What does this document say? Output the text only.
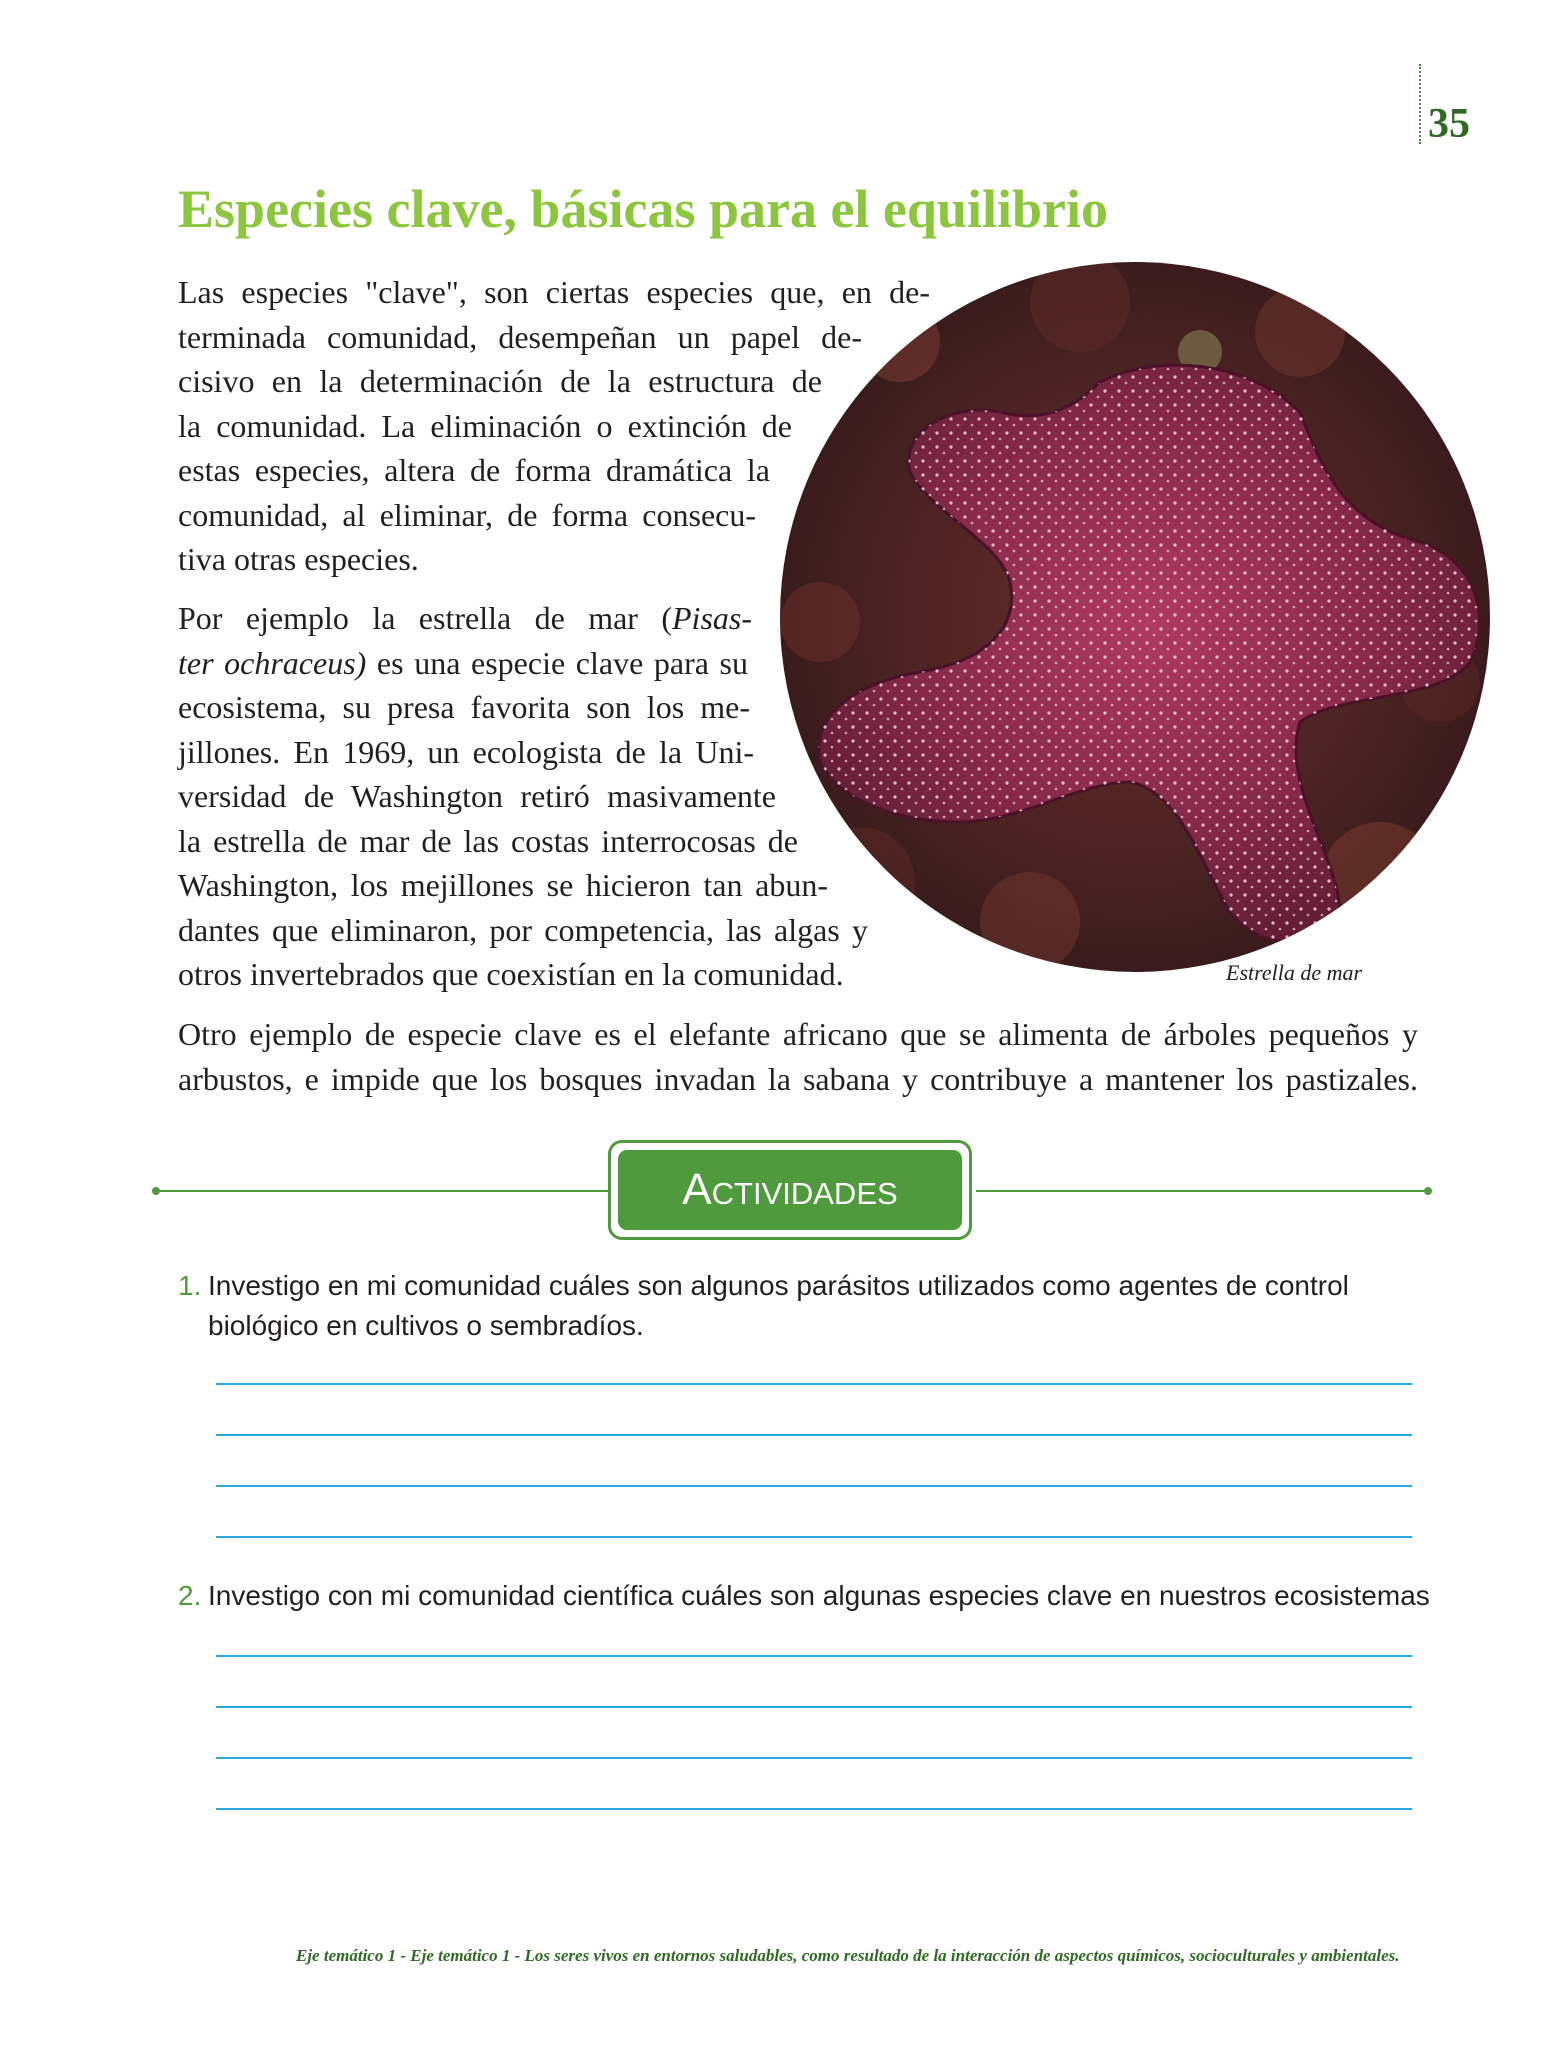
35
Especies clave, básicas para el equilibrio
Las especies "clave", son ciertas especies que, en de-
terminada comunidad, desempeñan un papel de-
cisivo en la determinación de la estructura de
la comunidad. La eliminación o extinción de
estas especies, altera de forma dramática la
comunidad, al eliminar, de forma consecu-
tiva otras especies.
Por ejemplo la estrella de mar (Pisas-
ter ochraceus) es una especie clave para su
ecosistema, su presa favorita son los me-
jillones. En 1969, un ecologista de la Uni-
versidad de Washington retiró masivamente
la estrella de mar de las costas interrocosas de
Washington, los mejillones se hicieron tan abun-
dantes que eliminaron, por competencia, las algas y
otros invertebrados que coexistían en la comunidad.	Estrella de mar
Otro ejemplo de especie clave es el elefante africano que se alimenta de árboles pequeños y
arbustos, e impide que los bosques invadan la sabana y contribuye a mantener los pastizales.
Actividades
1. Investigo en mi comunidad cuáles son algunos parásitos utilizados como agentes de control
biológico en cultivos o sembradíos.
2. Investigo con mi comunidad científica cuáles son algunas especies clave en nuestros ecosistemas
Eje temático 1 - Eje temático 1 - Los seres vivos en entornos saludables, como resultado de la interacción de aspectos químicos, socioculturales y ambientales.
